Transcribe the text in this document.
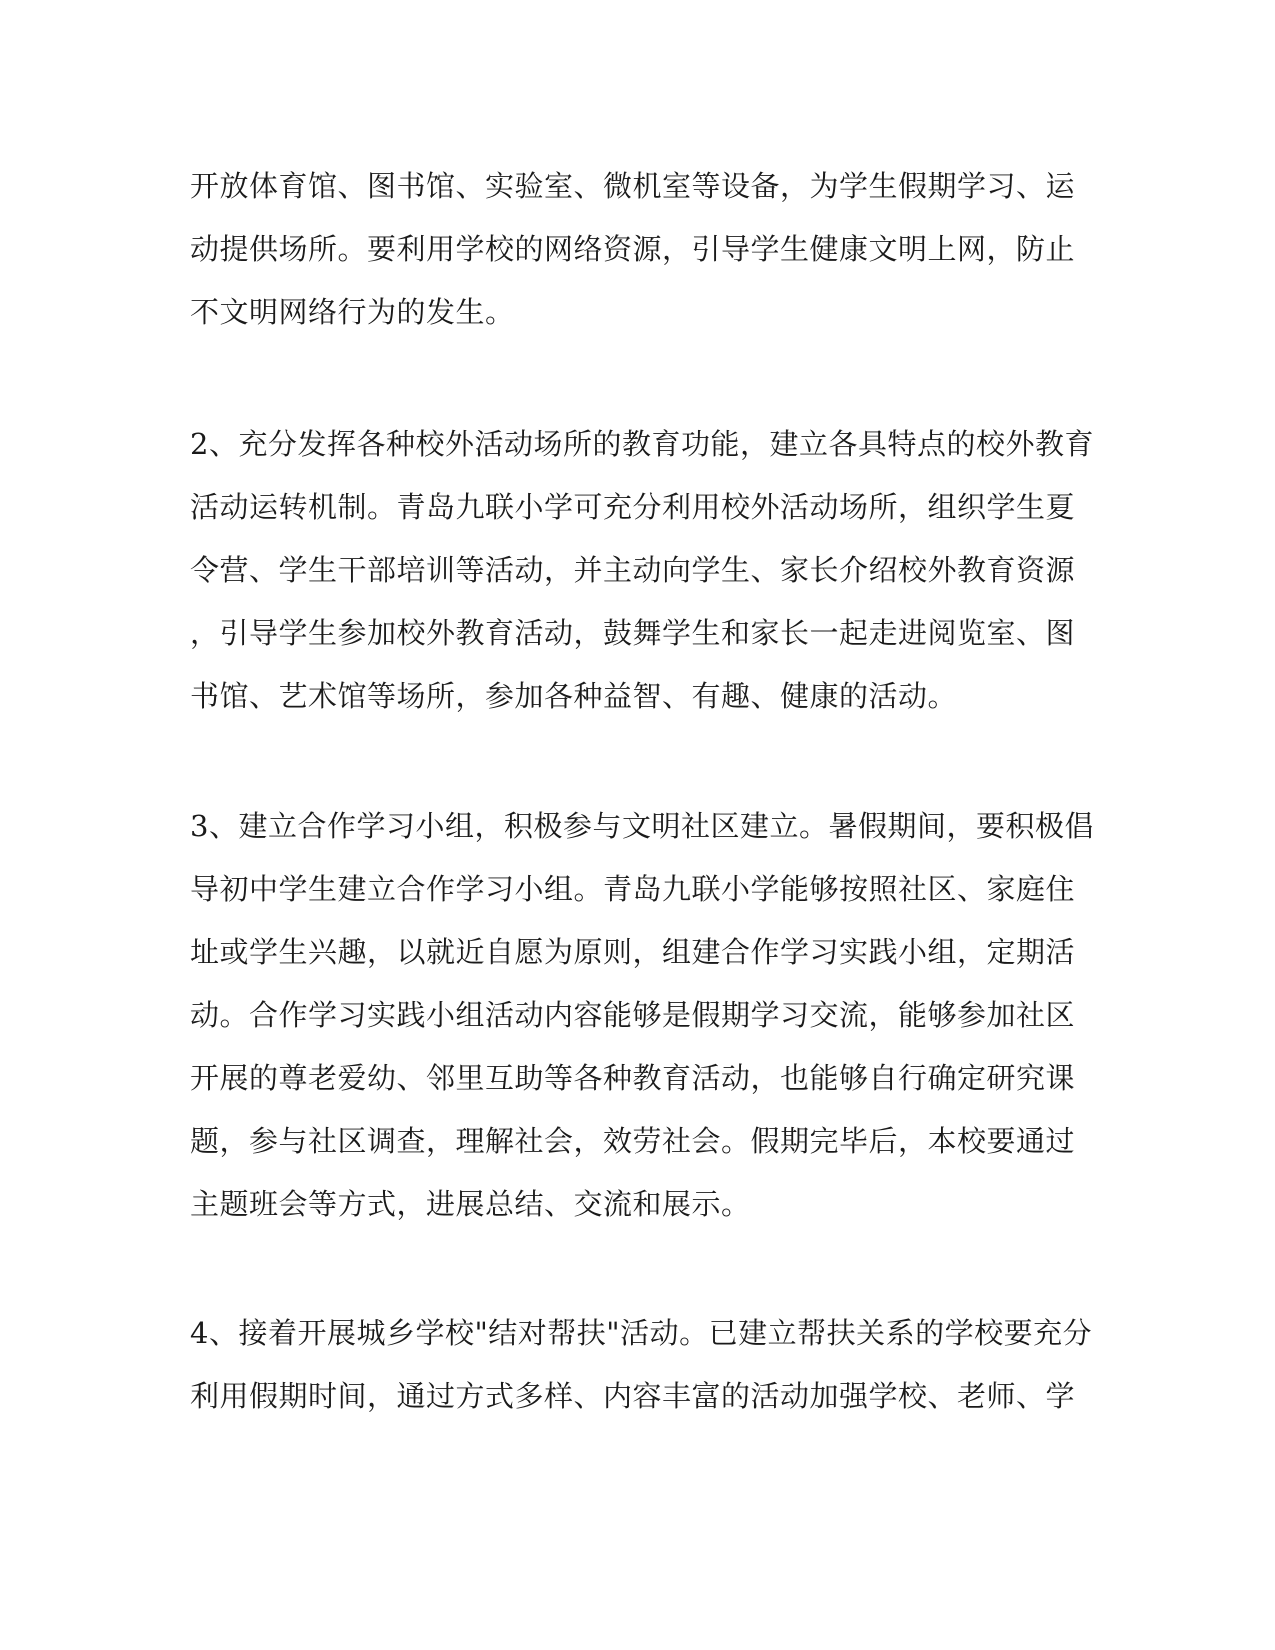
开放体育馆、图书馆、实验室、微机室等设备，为学生假期学习、运
动提供场所。要利用学校的网络资源，引导学生健康文明上网，防止
不文明网络行为的发生。
2、充分发挥各种校外活动场所的教育功能，建立各具特点的校外教育
活动运转机制。青岛九联小学可充分利用校外活动场所，组织学生夏
令营、学生干部培训等活动，并主动向学生、家长介绍校外教育资源
，引导学生参加校外教育活动，鼓舞学生和家长一起走进阅览室、图
书馆、艺术馆等场所，参加各种益智、有趣、健康的活动。
3、建立合作学习小组，积极参与文明社区建立。暑假期间，要积极倡
导初中学生建立合作学习小组。青岛九联小学能够按照社区、家庭住
址或学生兴趣，以就近自愿为原则，组建合作学习实践小组，定期活
动。合作学习实践小组活动内容能够是假期学习交流，能够参加社区
开展的尊老爱幼、邻里互助等各种教育活动，也能够自行确定研究课
题，参与社区调查，理解社会，效劳社会。假期完毕后，本校要通过
主题班会等方式，进展总结、交流和展示。
4、接着开展城乡学校"结对帮扶"活动。已建立帮扶关系的学校要充分
利用假期时间，通过方式多样、内容丰富的活动加强学校、老师、学
